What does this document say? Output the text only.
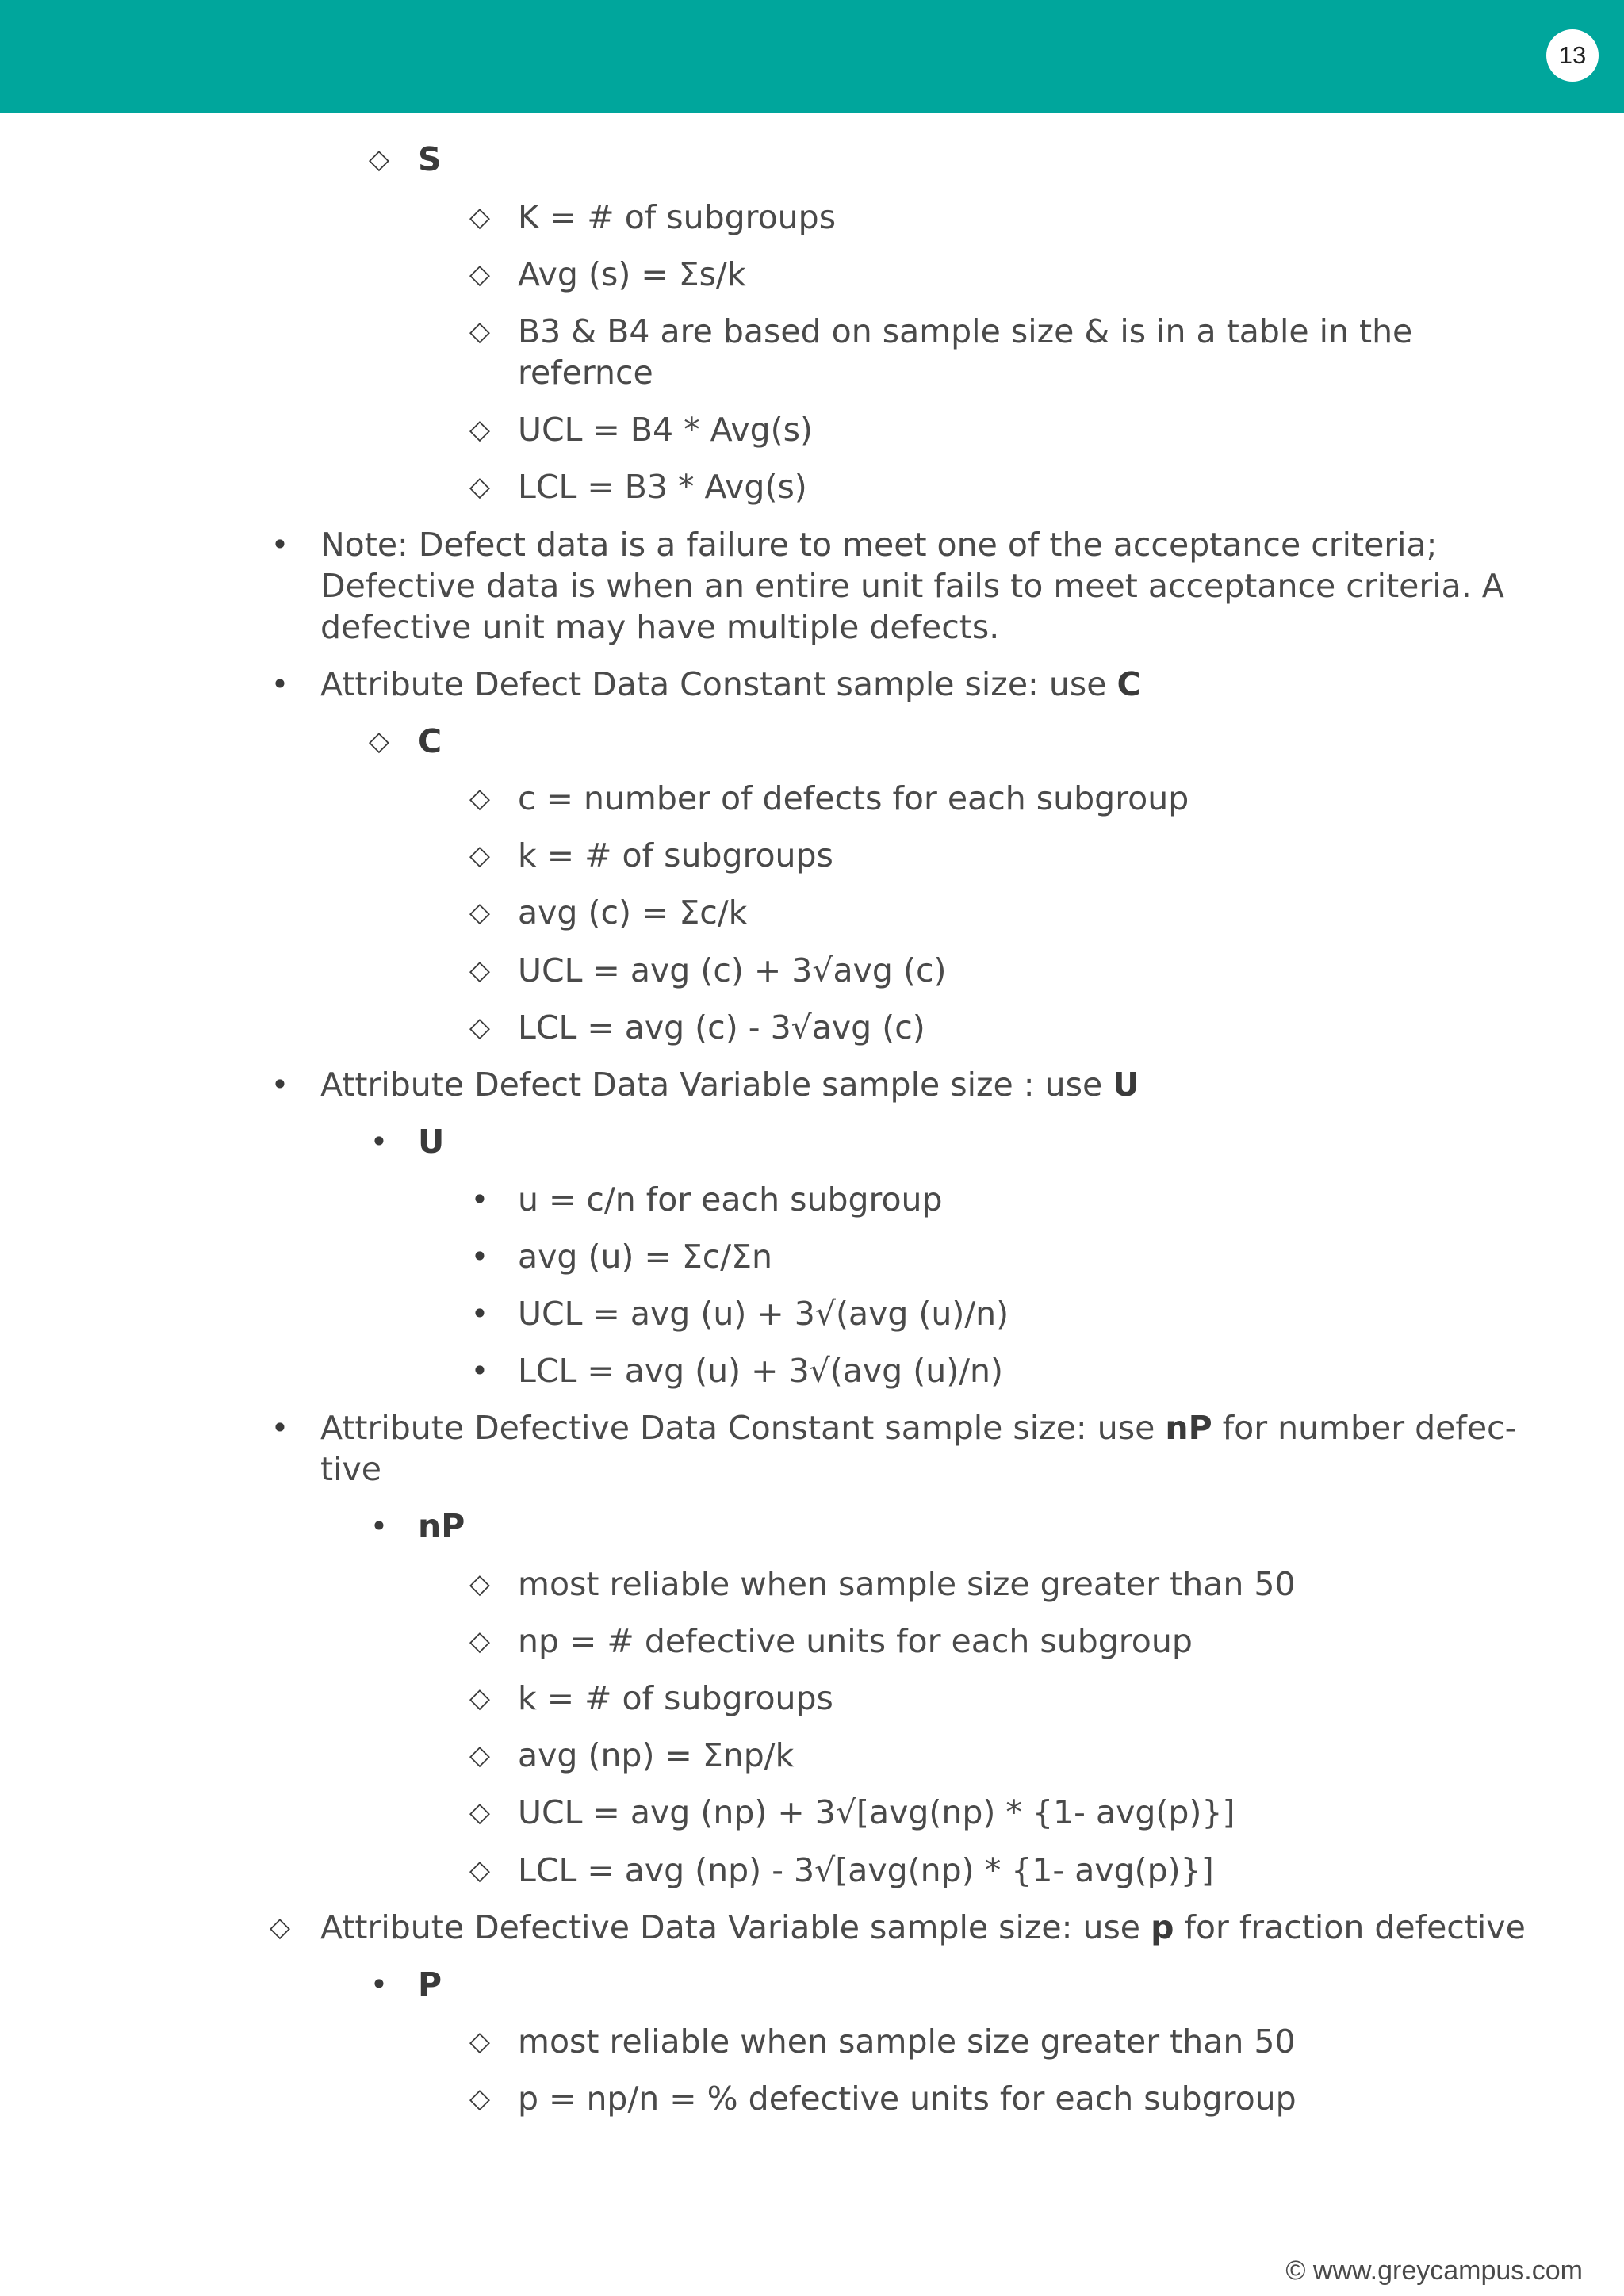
13
◇ S
◇ K = # of subgroups
◇ Avg (s) = Σs/k
◇ B3 & B4 are based on sample size & is in a table in the refernce
◇ UCL = B4 * Avg(s)
◇ LCL = B3 * Avg(s)
• Note: Defect data is a failure to meet one of the acceptance criteria; Defective data is when an entire unit fails to meet acceptance criteria. A defective unit may have multiple defects.
• Attribute Defect Data Constant sample size: use C
◇ C
◇ c = number of defects for each subgroup
◇ k = # of subgroups
◇ avg (c) = Σc/k
◇ UCL = avg (c) + 3√avg (c)
◇ LCL = avg (c) - 3√avg (c)
• Attribute Defect Data Variable sample size : use U
• U
• u = c/n for each subgroup
• avg (u) = Σc/Σn
• UCL = avg (u) + 3√(avg (u)/n)
• LCL = avg (u) + 3√(avg (u)/n)
• Attribute Defective Data Constant sample size: use nP for number defec-tive
• nP
◇ most reliable when sample size greater than 50
◇ np = # defective units for each subgroup
◇ k = # of subgroups
◇ avg (np) = Σnp/k
◇ UCL = avg (np) + 3√[avg(np) * {1- avg(p)}]
◇ LCL = avg (np) - 3√[avg(np) * {1- avg(p)}]
◇ Attribute Defective Data Variable sample size: use p for fraction defective
• P
◇ most reliable when sample size greater than 50
◇ p = np/n = % defective units for each subgroup
© www.greycampus.com
